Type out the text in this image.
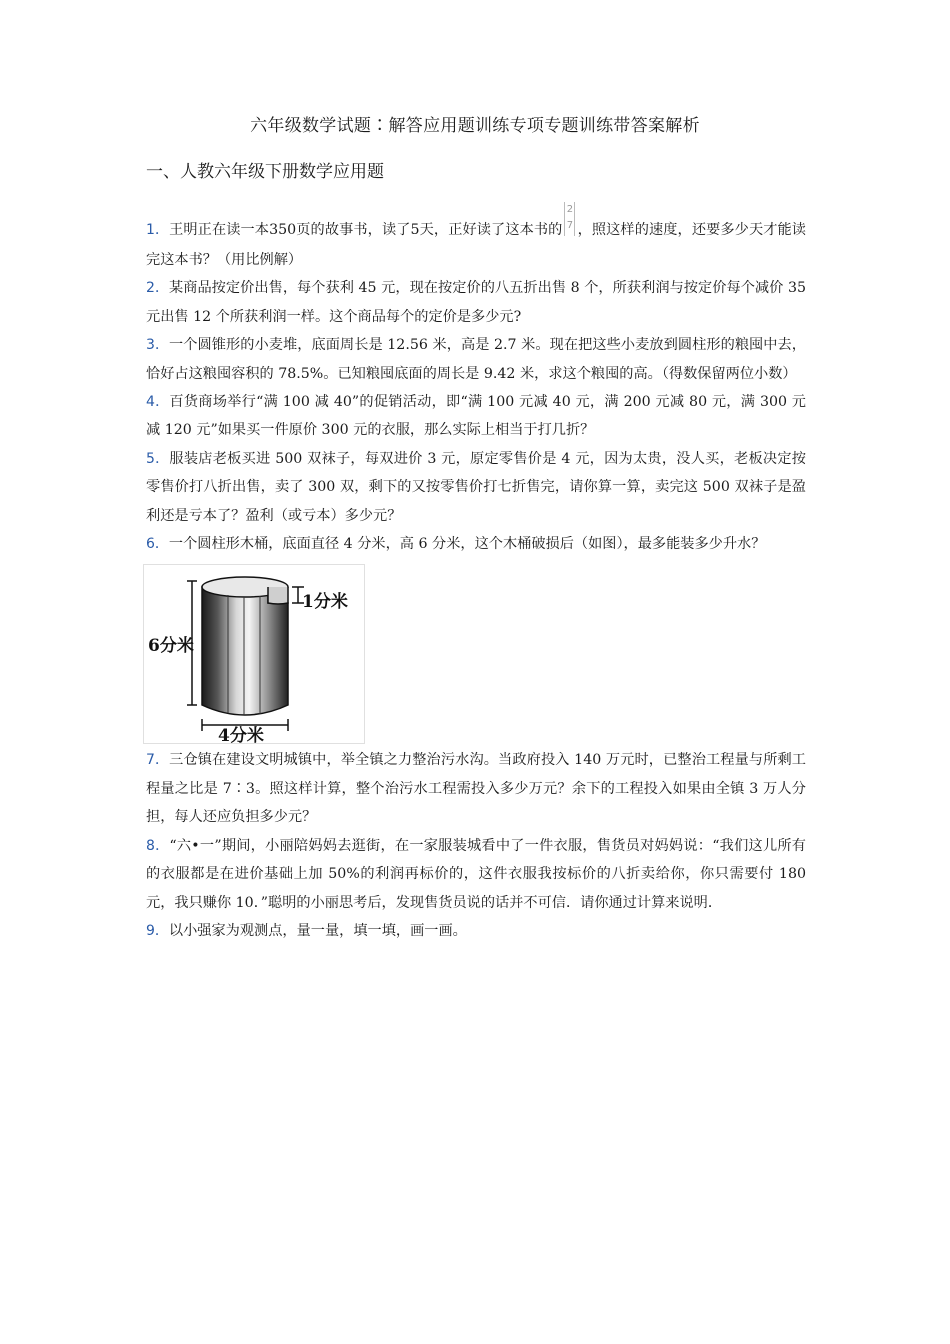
六年级数学试题∶解答应用题训练专项专题训练带答案解析
一、人教六年级下册数学应用题

1．王明正在读一本350页的故事书，读了5天，正好读了这本书的
2
7 ，照这样的速度，还要多少天才能读完这本书？（用比例解）

2．某商品按定价出售，每个获利 45 元，现在按定价的八五折出售 8 个，所获利润与按定价每个减价 35 元出售 12 个所获利润一样。这个商品每个的定价是多少元?

3．一个圆锥形的小麦堆，底面周长是 12.56 米，高是 2.7 米。现在把这些小麦放到圆柱形的粮囤中去，恰好占这粮囤容积的 78.5%。已知粮囤底面的周长是 9.42 米，求这个粮囤的高。（得数保留两位小数）

4．百货商场举行“满 100 减 40”的促销活动，即“满 100 元减 40 元，满 200 元减 80 元，满 300 元减 120 元”如果买一件原价 300 元的衣服，那么实际上相当于打几折？

5．服装店老板买进 500 双袜子，每双进价 3 元，原定零售价是 4 元，因为太贵，没人买，老板决定按零售价打八折出售，卖了 300 双，剩下的又按零售价打七折售完，请你算一算，卖完这 500 双袜子是盈利还是亏本了？盈利（或亏本）多少元？

6．一个圆柱形木桶，底面直径 4 分米，高 6 分米，这个木桶破损后（如图），最多能装多少升水？

6分米
1分米
4分米

7．三仓镇在建设文明城镇中，举全镇之力整治污水沟。当政府投入 140 万元时，已整治工程量与所剩工程量之比是 7∶3。照这样计算，整个治污水工程需投入多少万元？余下的工程投入如果由全镇 3 万人分担，每人还应负担多少元？

8．“六•一”期间，小丽陪妈妈去逛街，在一家服装城看中了一件衣服，售货员对妈妈说：“我们这儿所有的衣服都是在进价基础上加 50%的利润再标价的，这件衣服我按标价的八折卖给你，你只需要付 180 元，我只赚你 10．”聪明的小丽思考后，发现售货员说的话并不可信．请你通过计算来说明．

9．以小强家为观测点，量一量，填一填，画一画。
